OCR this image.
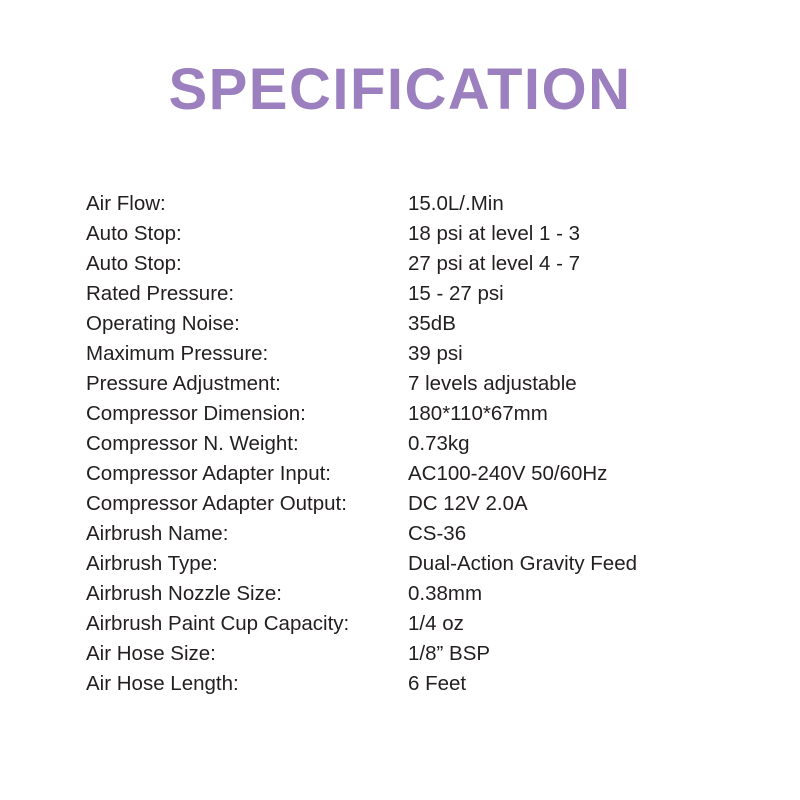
SPECIFICATION
Air Flow:	15.0L/.Min
Auto Stop:	18 psi at level 1 - 3
Auto Stop:	27 psi at level 4 - 7
Rated Pressure:	15 - 27 psi
Operating Noise:	35dB
Maximum Pressure:	39 psi
Pressure Adjustment:	7 levels adjustable
Compressor Dimension:	180*110*67mm
Compressor N. Weight:	0.73kg
Compressor Adapter Input:	AC100-240V 50/60Hz
Compressor Adapter Output:	DC 12V 2.0A
Airbrush Name:	CS-36
Airbrush Type:	Dual-Action Gravity Feed
Airbrush Nozzle Size:	0.38mm
Airbrush Paint Cup Capacity:	1/4 oz
Air Hose Size:	1/8” BSP
Air Hose Length:	6 Feet
